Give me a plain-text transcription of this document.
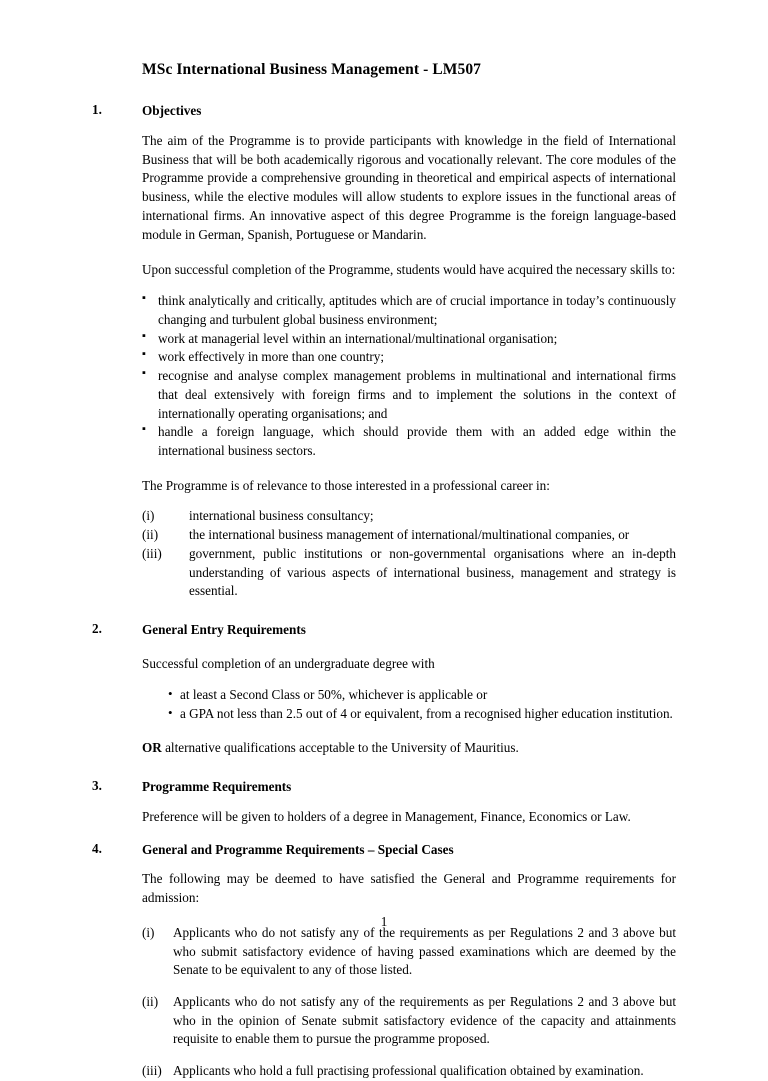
MSc International Business Management - LM507
1.	Objectives

The aim of the Programme is to provide participants with knowledge in the field of International Business that will be both academically rigorous and vocationally relevant. The core modules of the Programme provide a comprehensive grounding in theoretical and empirical aspects of international business, while the elective modules will allow students to explore issues in the functional areas of international firms. An innovative aspect of this degree Programme is the foreign language-based module in German, Spanish, Portuguese or Mandarin.

Upon successful completion of the Programme, students would have acquired the necessary skills to:

▪ think analytically and critically, aptitudes which are of crucial importance in today’s continuously changing and turbulent global business environment;
▪ work at managerial level within an international/multinational organisation;
▪ work effectively in more than one country;
▪ recognise and analyse complex management problems in multinational and international firms that deal extensively with foreign firms and to implement the solutions in the context of internationally operating organisations; and
▪ handle a foreign language, which should provide them with an added edge within the international business sectors.

The Programme is of relevance to those interested in a professional career in:

(i)	international business consultancy;
(ii) the international business management of international/multinational companies, or
(iii) government, public institutions or non-governmental organisations where an in-depth understanding of various aspects of international business, management and strategy is essential.
2.	General Entry Requirements

Successful completion of an undergraduate degree with

• at least a Second Class or 50%, whichever is applicable or
• a GPA not less than 2.5 out of 4 or equivalent, from a recognised higher education institution.

OR alternative qualifications acceptable to the University of Mauritius.

3.	Programme Requirements

Preference will be given to holders of a degree in Management, Finance, Economics or Law.

4.	General and Programme Requirements – Special Cases

The following may be deemed to have satisfied the General and Programme requirements for admission:

(i) Applicants who do not satisfy any of the requirements as per Regulations 2 and 3 above but who submit satisfactory evidence of having passed examinations which are deemed by the Senate to be equivalent to any of those listed.
(ii) Applicants who do not satisfy any of the requirements as per Regulations 2 and 3 above but who in the opinion of Senate submit satisfactory evidence of the capacity and attainments requisite to enable them to pursue the programme proposed.
(iii) Applicants who hold a full practising professional qualification obtained by examination.
1
